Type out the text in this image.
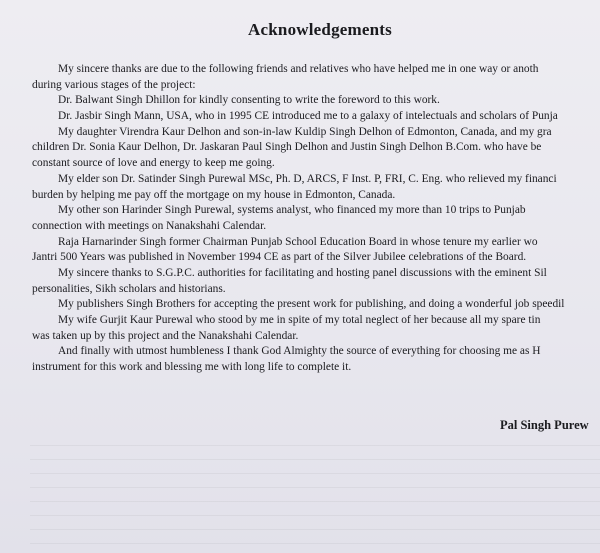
Acknowledgements
My sincere thanks are due to the following friends and relatives who have helped me in one way or anoth
during various stages of the project:
Dr. Balwant Singh Dhillon for kindly consenting to write the foreword to this work.
Dr. Jasbir Singh Mann, USA, who in 1995 CE introduced me to a galaxy of intelectuals and scholars of Punja
My daughter Virendra Kaur Delhon and son-in-law Kuldip Singh Delhon of Edmonton, Canada, and my gra
children Dr. Sonia Kaur Delhon, Dr. Jaskaran Paul Singh Delhon and Justin Singh Delhon B.Com. who have be
constant source of love and energy to keep me going.
My elder son Dr. Satinder Singh Purewal MSc, Ph. D, ARCS, F Inst. P, FRI, C. Eng. who relieved my financi
burden by helping me pay off the mortgage on my house in Edmonton, Canada.
My other son Harinder Singh Purewal, systems analyst, who financed my more than 10 trips to Punjab
connection with meetings on Nanakshahi Calendar.
Raja Harnarinder Singh former Chairman Punjab School Education Board in whose tenure my earlier wo
Jantri 500 Years was published in November 1994 CE as part of the Silver Jubilee celebrations of the Board.
My sincere thanks to S.G.P.C. authorities for facilitating and hosting panel discussions with the eminent Sil
personalities, Sikh scholars and historians.
My publishers Singh Brothers for accepting the present work for publishing, and doing a wonderful job speedil
My wife Gurjit Kaur Purewal who stood by me in spite of my total neglect of her because all my spare tin
was taken up by this project and the Nanakshahi Calendar.
And finally with utmost humbleness I thank God Almighty the source of everything for choosing me as H
instrument for this work and blessing me with long life to complete it.
Pal Singh Purew
